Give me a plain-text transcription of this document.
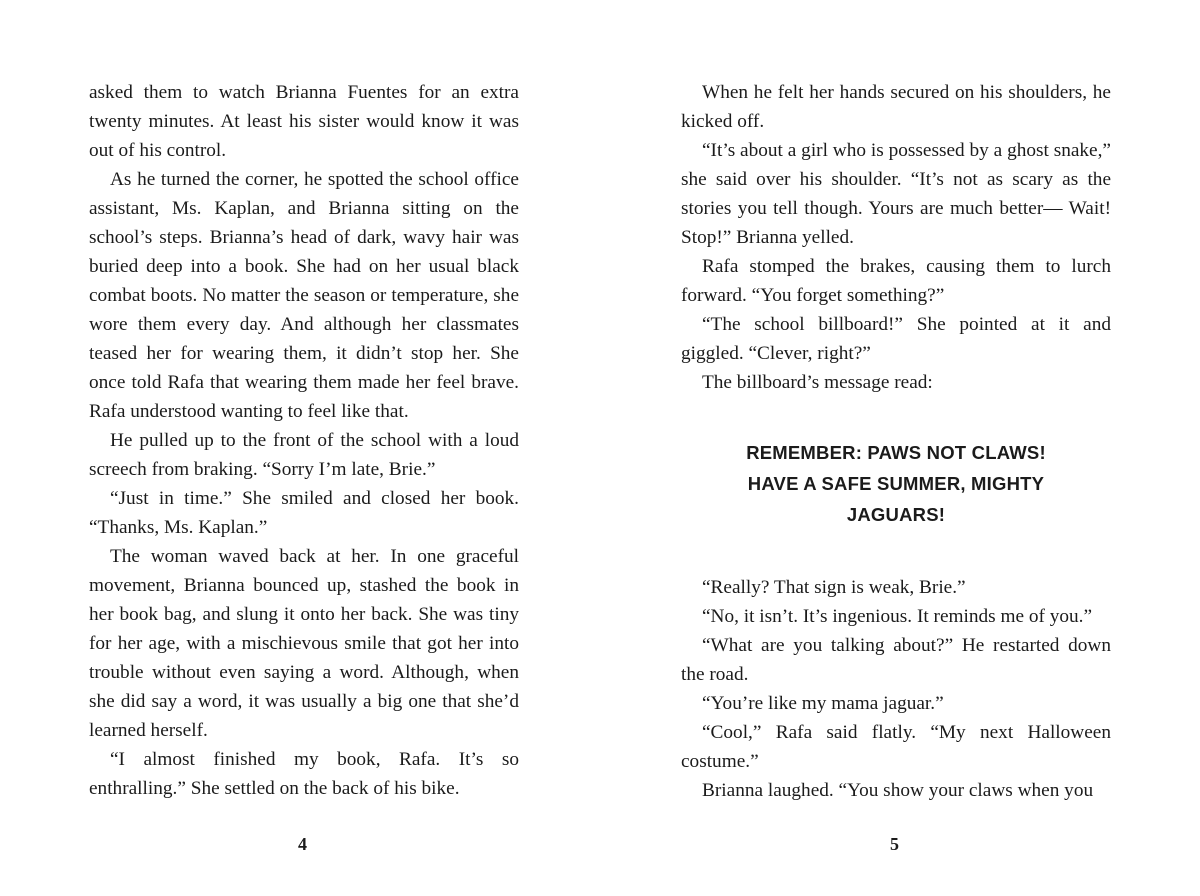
asked them to watch Brianna Fuentes for an extra twenty minutes. At least his sister would know it was out of his control.

As he turned the corner, he spotted the school office assistant, Ms. Kaplan, and Brianna sitting on the school’s steps. Brianna’s head of dark, wavy hair was buried deep into a book. She had on her usual black combat boots. No matter the season or temperature, she wore them every day. And although her classmates teased her for wearing them, it didn’t stop her. She once told Rafa that wearing them made her feel brave. Rafa understood wanting to feel like that.

He pulled up to the front of the school with a loud screech from braking. “Sorry I’m late, Brie.”

“Just in time.” She smiled and closed her book. “Thanks, Ms. Kaplan.”

The woman waved back at her. In one graceful movement, Brianna bounced up, stashed the book in her book bag, and slung it onto her back. She was tiny for her age, with a mischievous smile that got her into trouble without even saying a word. Although, when she did say a word, it was usually a big one that she’d learned herself.

“I almost finished my book, Rafa. It’s so enthralling.” She settled on the back of his bike.

When he felt her hands secured on his shoulders, he kicked off.

“It’s about a girl who is possessed by a ghost snake,” she said over his shoulder. “It’s not as scary as the stories you tell though. Yours are much better— Wait! Stop!” Brianna yelled.

Rafa stomped the brakes, causing them to lurch forward. “You forget something?”

“The school billboard!” She pointed at it and giggled. “Clever, right?”

The billboard’s message read:

REMEMBER: PAWS NOT CLAWS!
HAVE A SAFE SUMMER, MIGHTY
JAGUARS!

“Really? That sign is weak, Brie.”

“No, it isn’t. It’s ingenious. It reminds me of you.”

“What are you talking about?” He restarted down the road.

“You’re like my mama jaguar.”

“Cool,” Rafa said flatly. “My next Halloween costume.”

Brianna laughed. “You show your claws when you

4	5
